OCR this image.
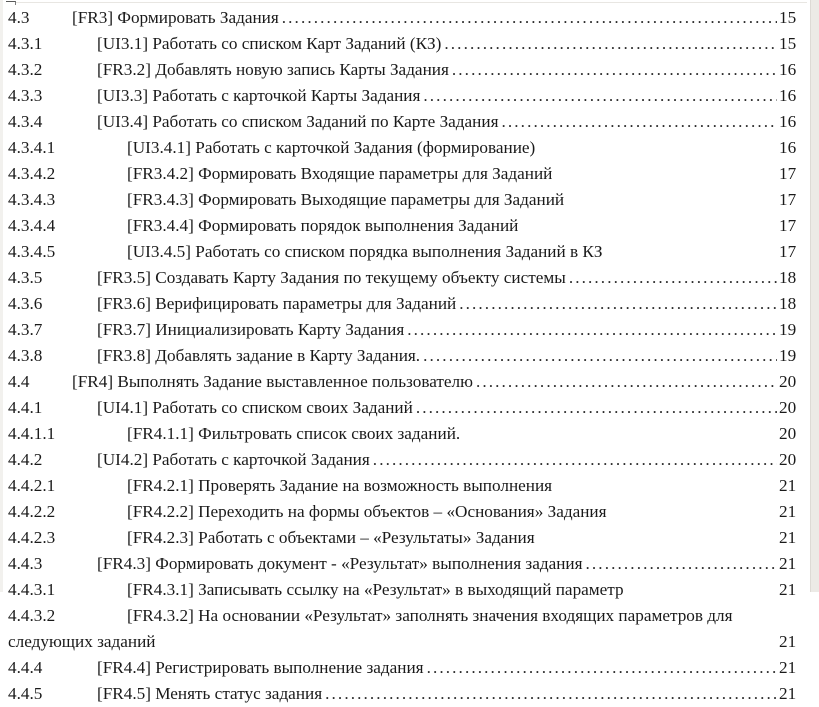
4.3	[FR3] Формировать Задания .....	15
4.3.1	[UI3.1] Работать со списком Карт Заданий (КЗ) .....	15
4.3.2	[FR3.2] Добавлять новую запись Карты Задания .....	16
4.3.3	[UI3.3] Работать с карточкой Карты Задания .....	16
4.3.4	[UI3.4] Работать со списком Заданий по Карте Задания .....	16
4.3.4.1	[UI3.4.1] Работать с карточкой Задания (формирование)	16
4.3.4.2	[FR3.4.2] Формировать Входящие параметры для Заданий	17
4.3.4.3	[FR3.4.3] Формировать Выходящие параметры для Заданий	17
4.3.4.4	[FR3.4.4] Формировать порядок выполнения Заданий	17
4.3.4.5	[UI3.4.5] Работать со списком порядка выполнения Заданий в КЗ	17
4.3.5	[FR3.5] Создавать Карту Задания по текущему объекту системы .....	18
4.3.6	[FR3.6] Верифицировать параметры для Заданий .....	18
4.3.7	[FR3.7] Инициализировать Карту Задания .....	19
4.3.8	[FR3.8] Добавлять задание в Карту Задания. .....	19
4.4	[FR4] Выполнять Задание выставленное пользователю .....	20
4.4.1	[UI4.1] Работать со списком своих Заданий .....	20
4.4.1.1	[FR4.1.1] Фильтровать список своих заданий.	20
4.4.2	[UI4.2] Работать с карточкой Задания .....	20
4.4.2.1	[FR4.2.1] Проверять Задание на возможность выполнения	21
4.4.2.2	[FR4.2.2] Переходить на формы объектов – «Основания» Задания	21
4.4.2.3	[FR4.2.3] Работать с объектами – «Результаты» Задания	21
4.4.3	[FR4.3] Формировать документ - «Результат» выполнения задания .....	21
4.4.3.1	[FR4.3.1] Записывать ссылку на «Результат» в выходящий параметр	21
4.4.3.2	[FR4.3.2] На основании «Результат» заполнять значения входящих параметров для
следующих заданий	21
4.4.4	[FR4.4] Регистрировать выполнение задания .....	21
4.4.5	[FR4.5] Менять статус задания .....	21
